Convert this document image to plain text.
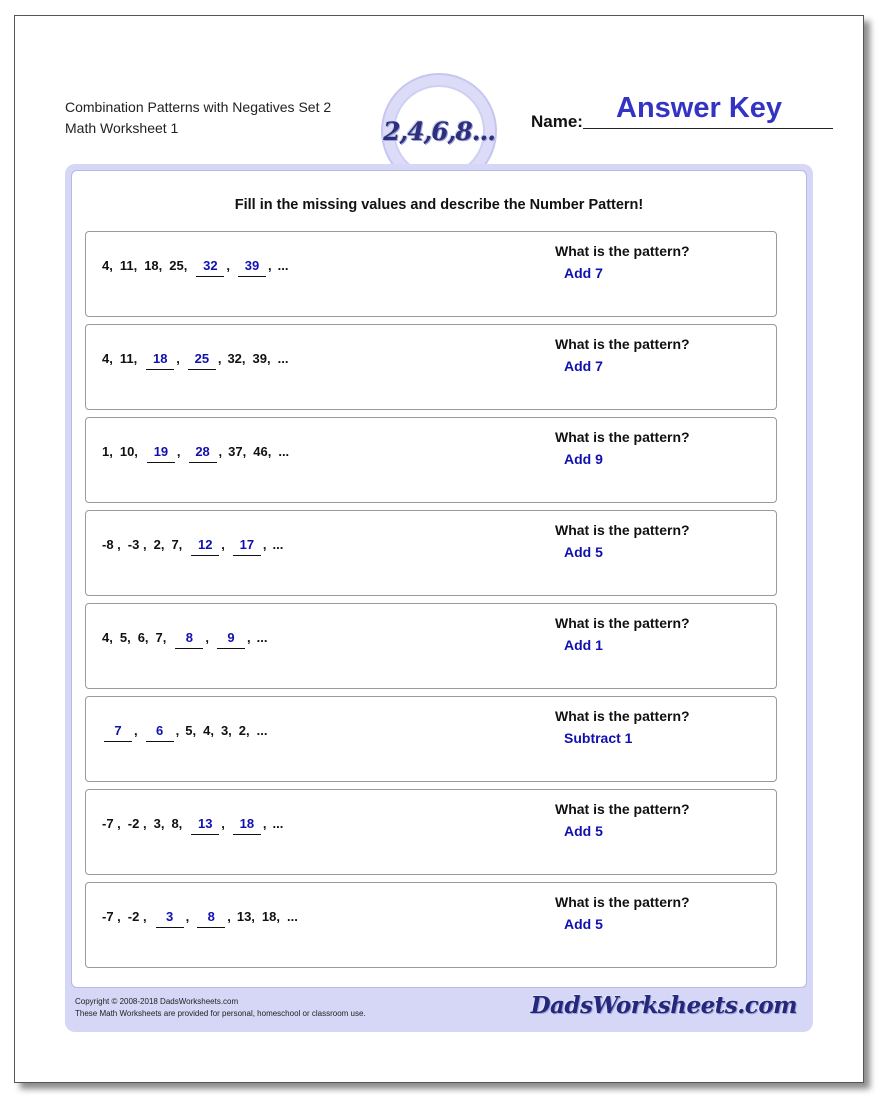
Combination Patterns with Negatives Set 2
Math Worksheet 1	2,4,6,8... Name: Answer Key
Fill in the missing values and describe the Number Pattern!
4, 11, 18, 25, 32 , 39 , ...
What is the pattern?
Add 7
4, 11, 18 , 25 , 32, 39, ...
What is the pattern?
Add 7
1, 10, 19 , 28 , 37, 46, ...
What is the pattern?
Add 9
-8 , -3 , 2, 7, 12 , 17 , ...
What is the pattern?
Add 5
4, 5, 6, 7, 8 , 9 , ...
What is the pattern?
Add 1
7 , 6 , 5, 4, 3, 2, ...
What is the pattern?
Subtract 1
-7 , -2 , 3, 8, 13 , 18 , ...
What is the pattern?
Add 5
-7 , -2 , 3 , 8 , 13, 18, ...
What is the pattern?
Add 5
Copyright © 2008-2018 DadsWorksheets.com
These Math Worksheets are provided for personal, homeschool or classroom use.	DadsWorksheets.com
